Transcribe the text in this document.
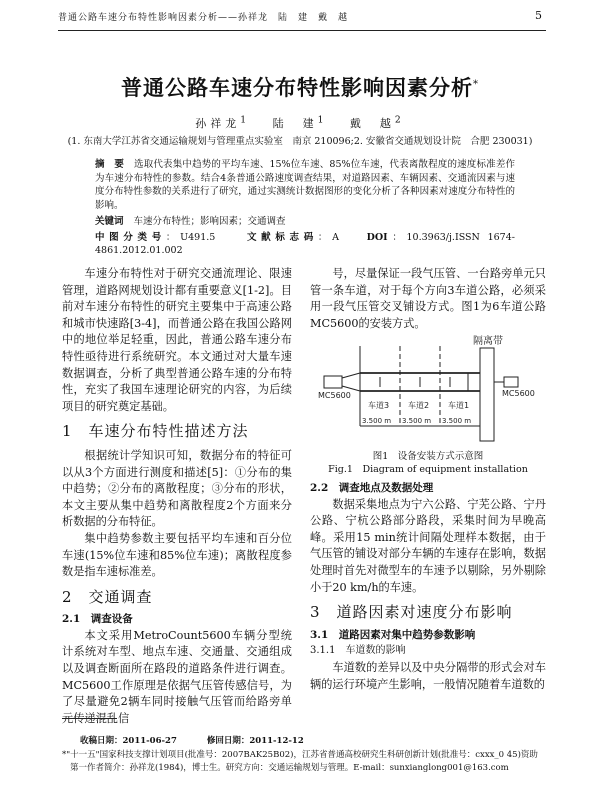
普通公路车速分布特性影响因素分析——孙祥龙　陆　建　戴　越	5
普通公路车速分布特性影响因素分析*
孙祥龙$^1$ 陆　建$^1$ 戴　越$^2$
(1. 东南大学江苏省交通运输规划与管理重点实验室　南京 210096;2. 安徽省交通规划设计院　合肥 230031)
摘　要 选取代表集中趋势的平均车速、15%位车速、85%位车速，代表离散程度的速度标准差作为车速分布特性的参数。结合4条普通公路速度调查结果，对道路因素、车辆因素、交通流因素与速度分布特性参数的关系进行了研究，通过实测统计数据图形的变化分析了各种因素对速度分布特性的影响。
关键词 车速分布特性；影响因素；交通调查
中图分类号：U491.5	文献标志码：A	DOI：10.3963/j.ISSN 1674-4861.2012.01.002

车速分布特性对于研究交通流理论、限速管理，道路网规划设计都有重要意义[1-2]。目前对车速分布特性的研究主要集中于高速公路和城市快速路[3-4]，而普通公路在我国公路网中的地位举足轻重，因此，普通公路车速分布特性亟待进行系统研究。本文通过对大量车速数据调查，分析了典型普通公路车速的分布特性，充实了我国车速理论研究的内容，为后续项目的研究奠定基础。

1　车速分布特性描述方法

根据统计学知识可知，数据分布的特征可以从3个方面进行测度和描述[5]：①分布的集中趋势；②分布的离散程度；③分布的形状，本文主要从集中趋势和离散程度2个方面来分析数据的分布特征。

集中趋势参数主要包括平均车速和百分位车速(15%位车速和85%位车速)；离散程度参数是指车速标准差。

2　交通调查
2.1　调查设备

本文采用MetroCount5600车辆分型统计系统对车型、地点车速、交通量、交通组成以及调查断面所在路段的道路条件进行调查。MC5600工作原理是依据气压管传感信号，为了尽量避免2辆车同时接触气压管而给路旁单元传递混乱信

号，尽量保证一段气压管、一台路旁单元只管一条车道，对于每个方向3车道公路，必须采用一段气压管交叉铺设方式。图1为6车道公路MC5600的安装方式。

隔离带
MC5600	MC5600
车道3 车道2 车道1
3.500 m 3.500 m 3.500 m
图1　设备安装方式示意图
Fig.1　Diagram of equipment installation
2.2　调查地点及数据处理

数据采集地点为宁六公路、宁芜公路、宁丹公路、宁杭公路部分路段，采集时间为早晚高峰。采用15 min统计间隔处理样本数据，由于气压管的铺设对部分车辆的车速存在影响，数据处理时首先对微型车的车速予以剔除，另外剔除小于20 km/h的车速。

3　道路因素对速度分布影响
3.1　道路因素对集中趋势参数影响
3.1.1　车道数的影响

车道数的差异以及中央分隔带的形式会对车辆的运行环境产生影响，一般情况随着车道数的

收稿日期：2011-06-27	修回日期：2011-12-12
*"十一五"国家科技支撑计划项目(批准号：2007BAK25B02)，江苏省普通高校研究生科研创新计划(批准号：cxxx_0 45)资助
第一作者简介：孙祥龙(1984)，博士生。研究方向：交通运输规划与管理。E-mail：sunxianglong001@163.com
